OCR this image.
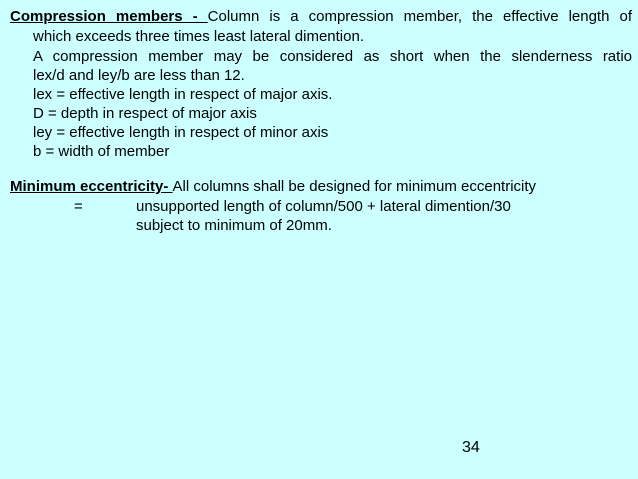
Compression members - Column is a compression member, the effective length of
which exceeds three times least lateral dimention.
A compression member may be considered as short when the slenderness ratio
lex/d and ley/b are less than 12.
lex = effective length in respect of major axis.
D = depth in respect of major axis
ley = effective length in respect of minor axis
b = width of member
Minimum eccentricity- All columns shall be designed for minimum eccentricity
=	unsupported length of column/500 + lateral dimention/30
subject to minimum of 20mm.
34
